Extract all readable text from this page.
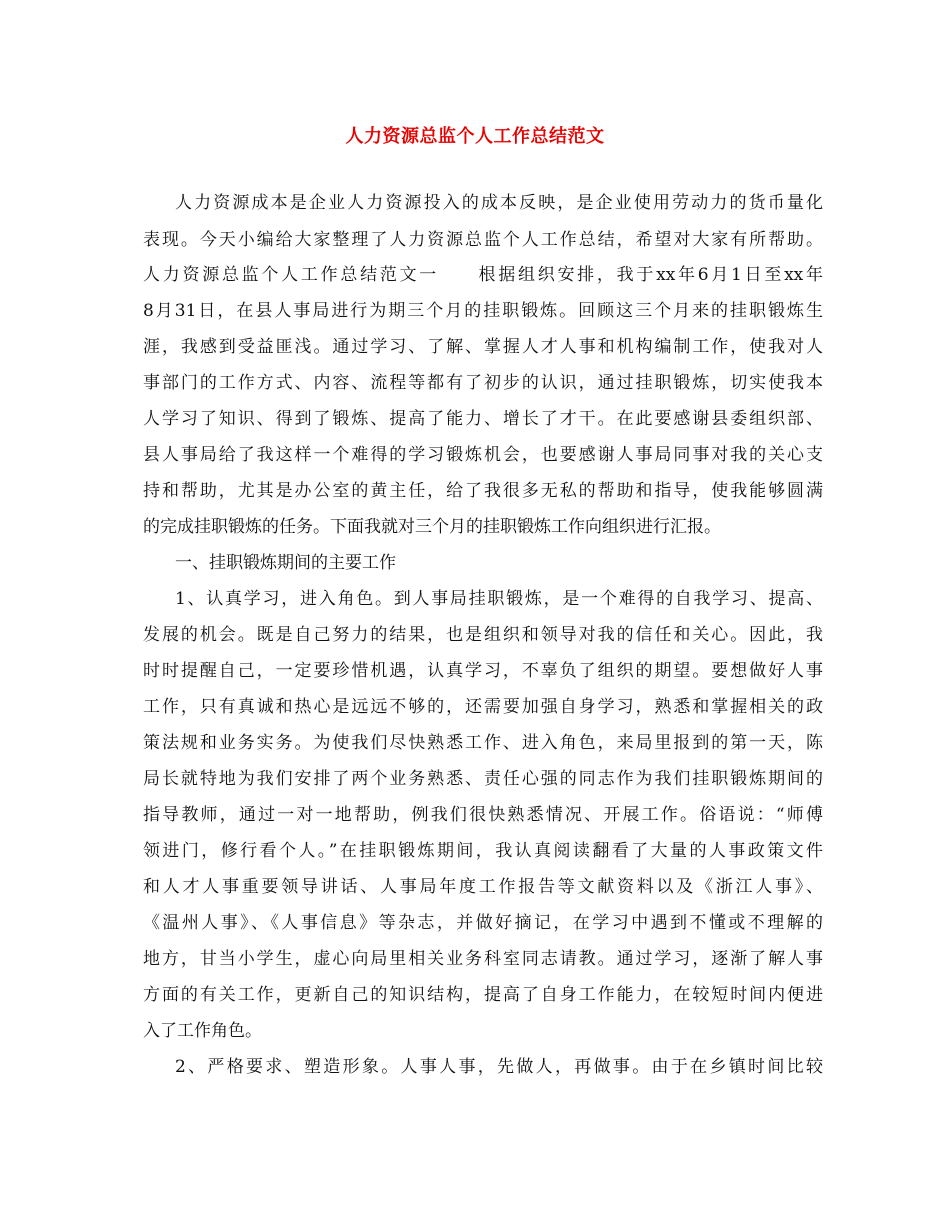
人力资源总监个人工作总结范文
人力资源成本是企业人力资源投入的成本反映，是企业使用劳动力的货币量化
表现。今天小编给大家整理了人力资源总监个人工作总结，希望对大家有所帮助。
人力资源总监个人工作总结范文一　　根据组织安排，我于xx年6月1日至xx年
8月31日，在县人事局进行为期三个月的挂职锻炼。回顾这三个月来的挂职锻炼生
涯，我感到受益匪浅。通过学习、了解、掌握人才人事和机构编制工作，使我对人
事部门的工作方式、内容、流程等都有了初步的认识，通过挂职锻炼，切实使我本
人学习了知识、得到了锻炼、提高了能力、增长了才干。在此要感谢县委组织部、
县人事局给了我这样一个难得的学习锻炼机会，也要感谢人事局同事对我的关心支
持和帮助，尤其是办公室的黄主任，给了我很多无私的帮助和指导，使我能够圆满
的完成挂职锻炼的任务。下面我就对三个月的挂职锻炼工作向组织进行汇报。
一、挂职锻炼期间的主要工作
1、认真学习，进入角色。到人事局挂职锻炼，是一个难得的自我学习、提高、
发展的机会。既是自己努力的结果，也是组织和领导对我的信任和关心。因此，我
时时提醒自己，一定要珍惜机遇，认真学习，不辜负了组织的期望。要想做好人事
工作，只有真诚和热心是远远不够的，还需要加强自身学习，熟悉和掌握相关的政
策法规和业务实务。为使我们尽快熟悉工作、进入角色，来局里报到的第一天，陈
局长就特地为我们安排了两个业务熟悉、责任心强的同志作为我们挂职锻炼期间的
指导教师，通过一对一地帮助，例我们很快熟悉情况、开展工作。俗语说：“师傅
领进门，修行看个人。”在挂职锻炼期间，我认真阅读翻看了大量的人事政策文件
和人才人事重要领导讲话、人事局年度工作报告等文献资料以及《浙江人事》、
《温州人事》、《人事信息》等杂志，并做好摘记，在学习中遇到不懂或不理解的
地方，甘当小学生，虚心向局里相关业务科室同志请教。通过学习，逐渐了解人事
方面的有关工作，更新自己的知识结构，提高了自身工作能力，在较短时间内便进
入了工作角色。
2、严格要求、塑造形象。人事人事，先做人，再做事。由于在乡镇时间比较
